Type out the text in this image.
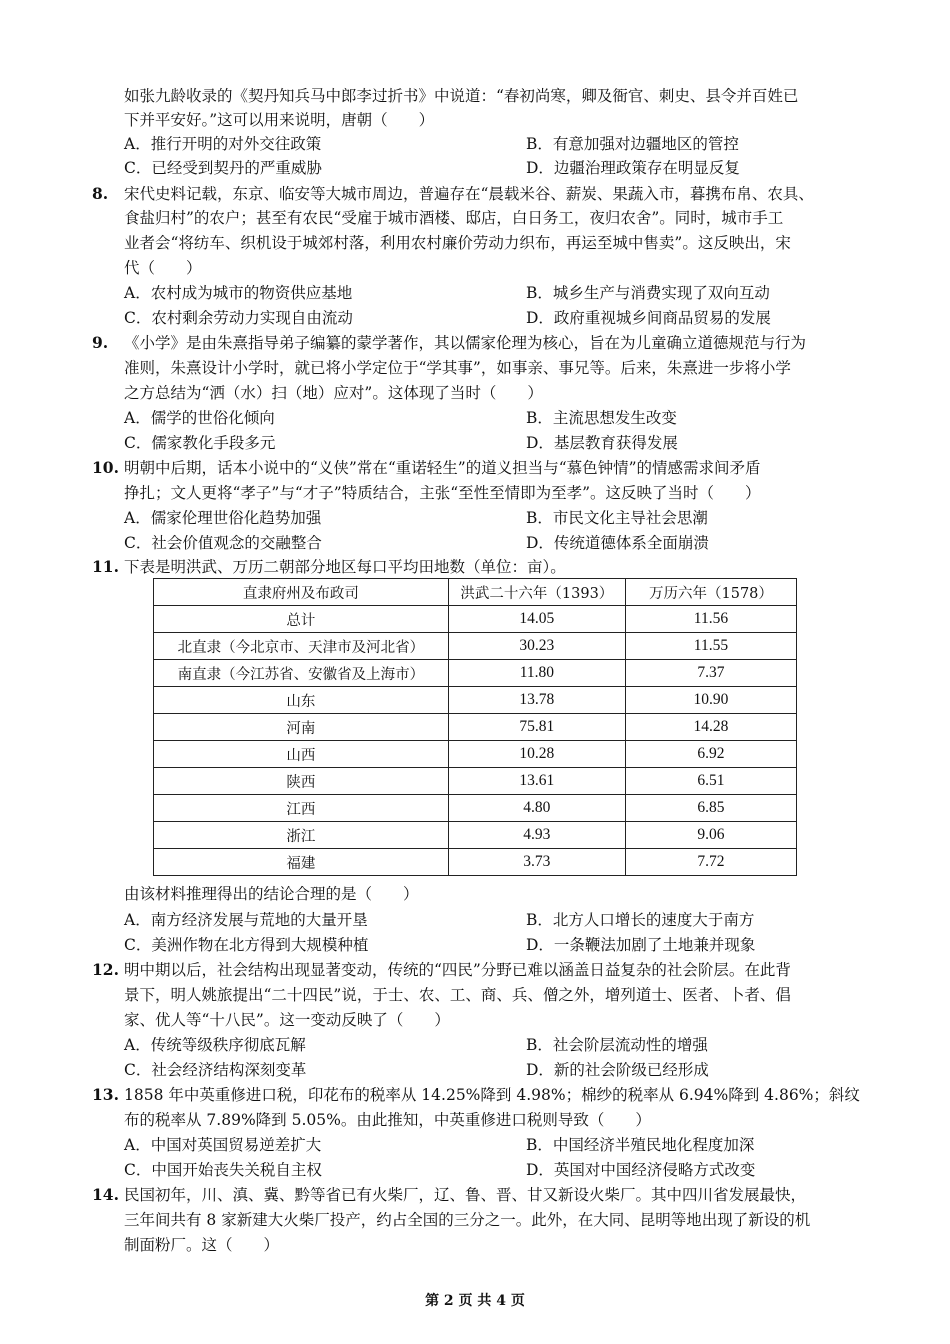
如张九龄收录的《契丹知兵马中郎李过折书》中说道：“春初尚寒，卿及衙官、刺史、县令并百姓已
下并平安好。”这可以用来说明，唐朝（　　）
A．推行开明的对外交往政策	B．有意加强对边疆地区的管控
C．已经受到契丹的严重威胁	D．边疆治理政策存在明显反复
8. 宋代史料记载，东京、临安等大城市周边，普遍存在“晨载米谷、薪炭、果蔬入市，暮携布帛、农具、
食盐归村”的农户；甚至有农民“受雇于城市酒楼、邸店，白日务工，夜归农舍”。同时，城市手工
业者会“将纺车、织机设于城郊村落，利用农村廉价劳动力织布，再运至城中售卖”。这反映出，宋
代（　　）
A．农村成为城市的物资供应基地	B．城乡生产与消费实现了双向互动
C．农村剩余劳动力实现自由流动	D．政府重视城乡间商品贸易的发展
9. 《小学》是由朱熹指导弟子编纂的蒙学著作，其以儒家伦理为核心，旨在为儿童确立道德规范与行为
准则，朱熹设计小学时，就已将小学定位于“学其事”，如事亲、事兄等。后来，朱熹进一步将小学
之方总结为“洒（水）扫（地）应对”。这体现了当时（　　）
A．儒学的世俗化倾向	B．主流思想发生改变
C．儒家教化手段多元	D．基层教育获得发展
10. 明朝中后期，话本小说中的“义侠”常在“重诺轻生”的道义担当与“慕色钟情”的情感需求间矛盾
挣扎；文人更将“孝子”与“才子”特质结合，主张“至性至情即为至孝”。这反映了当时（　　）
A．儒家伦理世俗化趋势加强	B．市民文化主导社会思潮
C．社会价值观念的交融整合	D．传统道德体系全面崩溃
11. 下表是明洪武、万历二朝部分地区每口平均田地数（单位：亩）。
直隶府州及布政司	洪武二十六年（1393）	万历六年（1578）
总计	14.05	11.56
北直隶（今北京市、天津市及河北省）	30.23	11.55
南直隶（今江苏省、安徽省及上海市）	11.80	7.37
山东	13.78	10.90
河南	75.81	14.28
山西	10.28	6.92
陕西	13.61	6.51
江西	4.80	6.85
浙江	4.93	9.06
福建	3.73	7.72
由该材料推理得出的结论合理的是（　　）
A．南方经济发展与荒地的大量开垦	B．北方人口增长的速度大于南方
C．美洲作物在北方得到大规模种植	D．一条鞭法加剧了土地兼并现象
12. 明中期以后，社会结构出现显著变动，传统的“四民”分野已难以涵盖日益复杂的社会阶层。在此背
景下，明人姚旅提出“二十四民”说，于士、农、工、商、兵、僧之外，增列道士、医者、卜者、倡
家、优人等“十八民”。这一变动反映了（　　）
A．传统等级秩序彻底瓦解	B．社会阶层流动性的增强
C．社会经济结构深刻变革	D．新的社会阶级已经形成
13. 1858 年中英重修进口税，印花布的税率从 14.25%降到 4.98%；棉纱的税率从 6.94%降到 4.86%；斜纹
布的税率从 7.89%降到 5.05%。由此推知，中英重修进口税则导致（　　）
A．中国对英国贸易逆差扩大	B．中国经济半殖民地化程度加深
C．中国开始丧失关税自主权	D．英国对中国经济侵略方式改变
14. 民国初年，川、滇、冀、黔等省已有火柴厂，辽、鲁、晋、甘又新设火柴厂。其中四川省发展最快，
三年间共有 8 家新建大火柴厂投产，约占全国的三分之一。此外，在大同、昆明等地出现了新设的机
制面粉厂。这（　　）
第 2 页 共 4 页
